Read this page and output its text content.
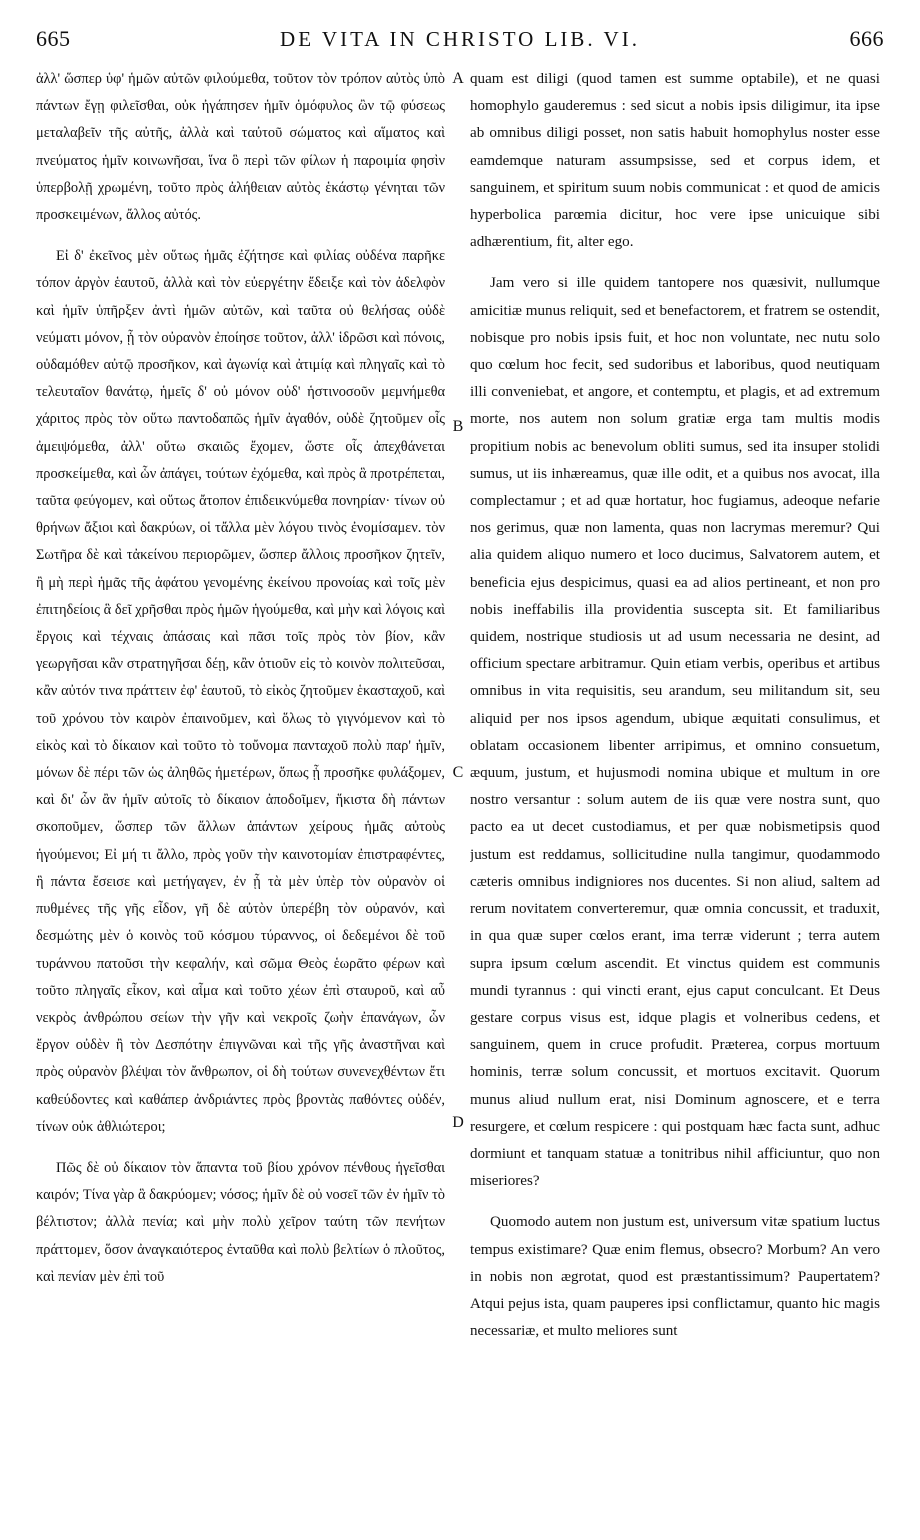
665	DE VITA IN CHRISTO LIB. VI.	666

ἀλλ' ὥσπερ ὑφ' ἡμῶν αὐτῶν φιλούμεθα, τοῦτον τὸν τρόπον αὐτὸς ὑπὸ πάντων ἔγῃ φιλεῖσθαι, οὐκ ἠγάπησεν ἡμῖν ὁμόφυλος ὢν τῷ φύσεως μεταλαβεῖν τῆς αὐτῆς, ἀλλὰ καὶ ταὐτοῦ σώματος καὶ αἵματος καὶ πνεύματος ἡμῖν κοινωνῆσαι, ἵνα ὃ περὶ τῶν φίλων ἡ παροιμία φησὶν ὑπερβολῇ χρωμένη, τοῦτο πρὸς ἀλήθειαν αὐτὸς ἑκάστῳ γένηται τῶν προσκειμένων, ἄλλος αὐτός.

Εἰ δ' ἐκεῖνος μὲν οὕτως ἡμᾶς ἐζήτησε καὶ φιλίας οὐδένα παρῆκε τόπον ἀργὸν ἑαυτοῦ, ἀλλὰ καὶ τὸν εὐεργέτην ἔδειξε καὶ τὸν ἀδελφὸν καὶ ἡμῖν ὑπῆρξεν ἀντὶ ἡμῶν αὐτῶν, καὶ ταῦτα οὐ θελήσας οὐδὲ νεύματι μόνον, ᾗ τὸν οὐρανὸν ἐποίησε τοῦτον, ἀλλ' ἱδρῶσι καὶ πόνοις, οὐδαμόθεν αὐτῷ προσῆκον, καὶ ἀγωνίᾳ καὶ ἀτιμίᾳ καὶ πληγαῖς καὶ τὸ τελευταῖον θανάτῳ, ἡμεῖς δ' οὐ μόνον οὐδ' ἡστινοσοῦν μεμνήμεθα χάριτος πρὸς τὸν οὕτω παντοδαπῶς ἡμῖν ἀγαθόν, οὐδὲ ζητοῦμεν οἷς ἀμειψόμεθα, ἀλλ' οὕτω σκαιῶς ἔχομεν, ὥστε οἷς ἀπεχθάνεται προσκείμεθα, καὶ ὧν ἀπάγει, τούτων ἐχόμεθα, καὶ πρὸς ἃ προτρέπεται, ταῦτα φεύγομεν, καὶ οὕτως ἄτοπον ἐπιδεικνύμεθα πονηρίαν· τίνων οὐ θρήνων ἄξιοι καὶ δακρύων, οἱ τἄλλα μὲν λόγου τινὸς ἐνομίσαμεν. τὸν Σωτῆρα δὲ καὶ τἀκείνου περιορῶμεν, ὥσπερ ἄλλοις προσῆκον ζητεῖν, ἢ μὴ περὶ ἡμᾶς τῆς ἀφάτου γενομένης ἐκείνου προνοίας καὶ τοῖς μὲν ἐπιτηδείοις ἃ δεῖ χρῆσθαι πρὸς ἡμῶν ἡγούμεθα, καὶ μὴν καὶ λόγοις καὶ ἔργοις καὶ τέχναις ἁπάσαις καὶ πᾶσι τοῖς πρὸς τὸν βίον, κἂν γεωργῆσαι κἂν στρατηγῆσαι δέῃ, κἂν ὁτιοῦν εἰς τὸ κοινὸν πολιτεῦσαι, κἂν αὐτόν τινα πράττειν ἐφ' ἑαυτοῦ, τὸ εἰκὸς ζητοῦμεν ἑκασταχοῦ, καὶ τοῦ χρόνου τὸν καιρὸν ἐπαινοῦμεν, καὶ ὅλως τὸ γιγνόμενον καὶ τὸ εἰκὸς καὶ τὸ δίκαιον καὶ τοῦτο τὸ τοὔνομα πανταχοῦ πολὺ παρ' ἡμῖν, μόνων δὲ πέρι τῶν ὡς ἀληθῶς ἡμετέρων, ὅπως ᾗ προσῆκε φυλάξομεν, καὶ δι' ὧν ἂν ἡμῖν αὐτοῖς τὸ δίκαιον ἀποδοῖμεν, ἥκιστα δὴ πάντων σκοποῦμεν, ὥσπερ τῶν ἄλλων ἁπάντων χείρους ἡμᾶς αὐτοὺς ἡγούμενοι; Εἰ μή τι ἄλλο, πρὸς γοῦν τὴν καινοτομίαν ἐπιστραφέντες, ἣ πάντα ἔσεισε καὶ μετήγαγεν, ἐν ᾗ τὰ μὲν ὑπὲρ τὸν οὐρανὸν οἱ πυθμένες τῆς γῆς εἶδον, γῆ δὲ αὐτὸν ὑπερέβη τὸν οὐρανόν, καὶ δεσμώτης μὲν ὁ κοινὸς τοῦ κόσμου τύραννος, οἱ δεδεμένοι δὲ τοῦ τυράννου πατοῦσι τὴν κεφαλήν, καὶ σῶμα Θεὸς ἑωρᾶτο φέρων καὶ τοῦτο πληγαῖς εἶκον, καὶ αἷμα καὶ τοῦτο χέων ἐπὶ σταυροῦ, καὶ αὖ νεκρὸς ἀνθρώπου σείων τὴν γῆν καὶ νεκροῖς ζωὴν ἐπανάγων, ὧν ἔργον οὐδὲν ἢ τὸν Δεσπότην ἐπιγνῶναι καὶ τῆς γῆς ἀναστῆναι καὶ πρὸς οὐρανὸν βλέψαι τὸν ἄνθρωπον, οἱ δὴ τούτων συνενεχθέντων ἔτι καθεύδοντες καὶ καθάπερ ἀνδριάντες πρὸς βροντὰς παθόντες οὐδέν, τίνων οὐκ ἀθλιώτεροι;

Πῶς δὲ οὐ δίκαιον τὸν ἅπαντα τοῦ βίου χρόνον πένθους ἡγεῖσθαι καιρόν; Τίνα γὰρ ἃ δακρύομεν; νόσος; ἡμῖν δὲ οὐ νοσεῖ τῶν ἐν ἡμῖν τὸ βέλτιστον; ἀλλὰ πενία; καὶ μὴν πολὺ χεῖρον ταύτη τῶν πενήτων πράττομεν, ὅσον ἀναγκαιότερος ἐνταῦθα καὶ πολὺ βελτίων ὁ πλοῦτος, καὶ πενίαν μὲν ἐπὶ τοῦ

A
B
C
D

quam est diligi (quod tamen est summe optabile), et ne quasi homophylo gauderemus : sed sicut a nobis ipsis diligimur, ita ipse ab omnibus diligi posset, non satis habuit homophylus noster esse eamdemque naturam assumpsisse, sed et corpus idem, et sanguinem, et spiritum suum nobis communicat : et quod de amicis hyperbolica parœmia dicitur, hoc vere ipse unicuique sibi adhærentium, fit, alter ego.

Jam vero si ille quidem tantopere nos quæsivit, nullumque amicitiæ munus reliquit, sed et benefactorem, et fratrem se ostendit, nobisque pro nobis ipsis fuit, et hoc non voluntate, nec nutu solo quo cœlum hoc fecit, sed sudoribus et laboribus, quod neutiquam illi conveniebat, et angore, et contemptu, et plagis, et ad extremum morte, nos autem non solum gratiæ erga tam multis modis propitium nobis ac benevolum obliti sumus, sed ita insuper stolidi sumus, ut iis inhæreamus, quæ ille odit, et a quibus nos avocat, illa complectamur ; et ad quæ hortatur, hoc fugiamus, adeoque nefarie nos gerimus, quæ non lamenta, quas non lacrymas meremur? Qui alia quidem aliquo numero et loco ducimus, Salvatorem autem, et beneficia ejus despicimus, quasi ea ad alios pertineant, et non pro nobis ineffabilis illa providentia suscepta sit. Et familiaribus quidem, nostrique studiosis ut ad usum necessaria ne desint, ad officium spectare arbitramur. Quin etiam verbis, operibus et artibus omnibus in vita requisitis, seu arandum, seu militandum sit, seu aliquid per nos ipsos agendum, ubique æquitati consulimus, et oblatam occasionem libenter arripimus, et omnino consuetum, æquum, justum, et hujusmodi nomina ubique et multum in ore nostro versantur : solum autem de iis quæ vere nostra sunt, quo pacto ea ut decet custodiamus, et per quæ nobismetipsis quod justum est reddamus, sollicitudine nulla tangimur, quodammodo cæteris omnibus indigniores nos ducentes. Si non aliud, saltem ad rerum novitatem converteremur, quæ omnia concussit, et traduxit, in qua quæ super cœlos erant, ima terræ viderunt ; terra autem supra ipsum cœlum ascendit. Et vinctus quidem est communis mundi tyrannus : qui vincti erant, ejus caput conculcant. Et Deus gestare corpus visus est, idque plagis et volneribus cedens, et sanguinem, quem in cruce profudit. Præterea, corpus mortuum hominis, terræ solum concussit, et mortuos excitavit. Quorum munus aliud nullum erat, nisi Dominum agnoscere, et e terra resurgere, et cœlum respicere : qui postquam hæc facta sunt, adhuc dormiunt et tanquam statuæ a tonitribus nihil afficiuntur, quo non miseriores?

Quomodo autem non justum est, universum vitæ spatium luctus tempus existimare? Quæ enim flemus, obsecro? Morbum? An vero in nobis non ægrotat, quod est præstantissimum? Paupertatem? Atqui pejus ista, quam pauperes ipsi conflictamur, quanto hic magis necessariæ, et multo meliores sunt
